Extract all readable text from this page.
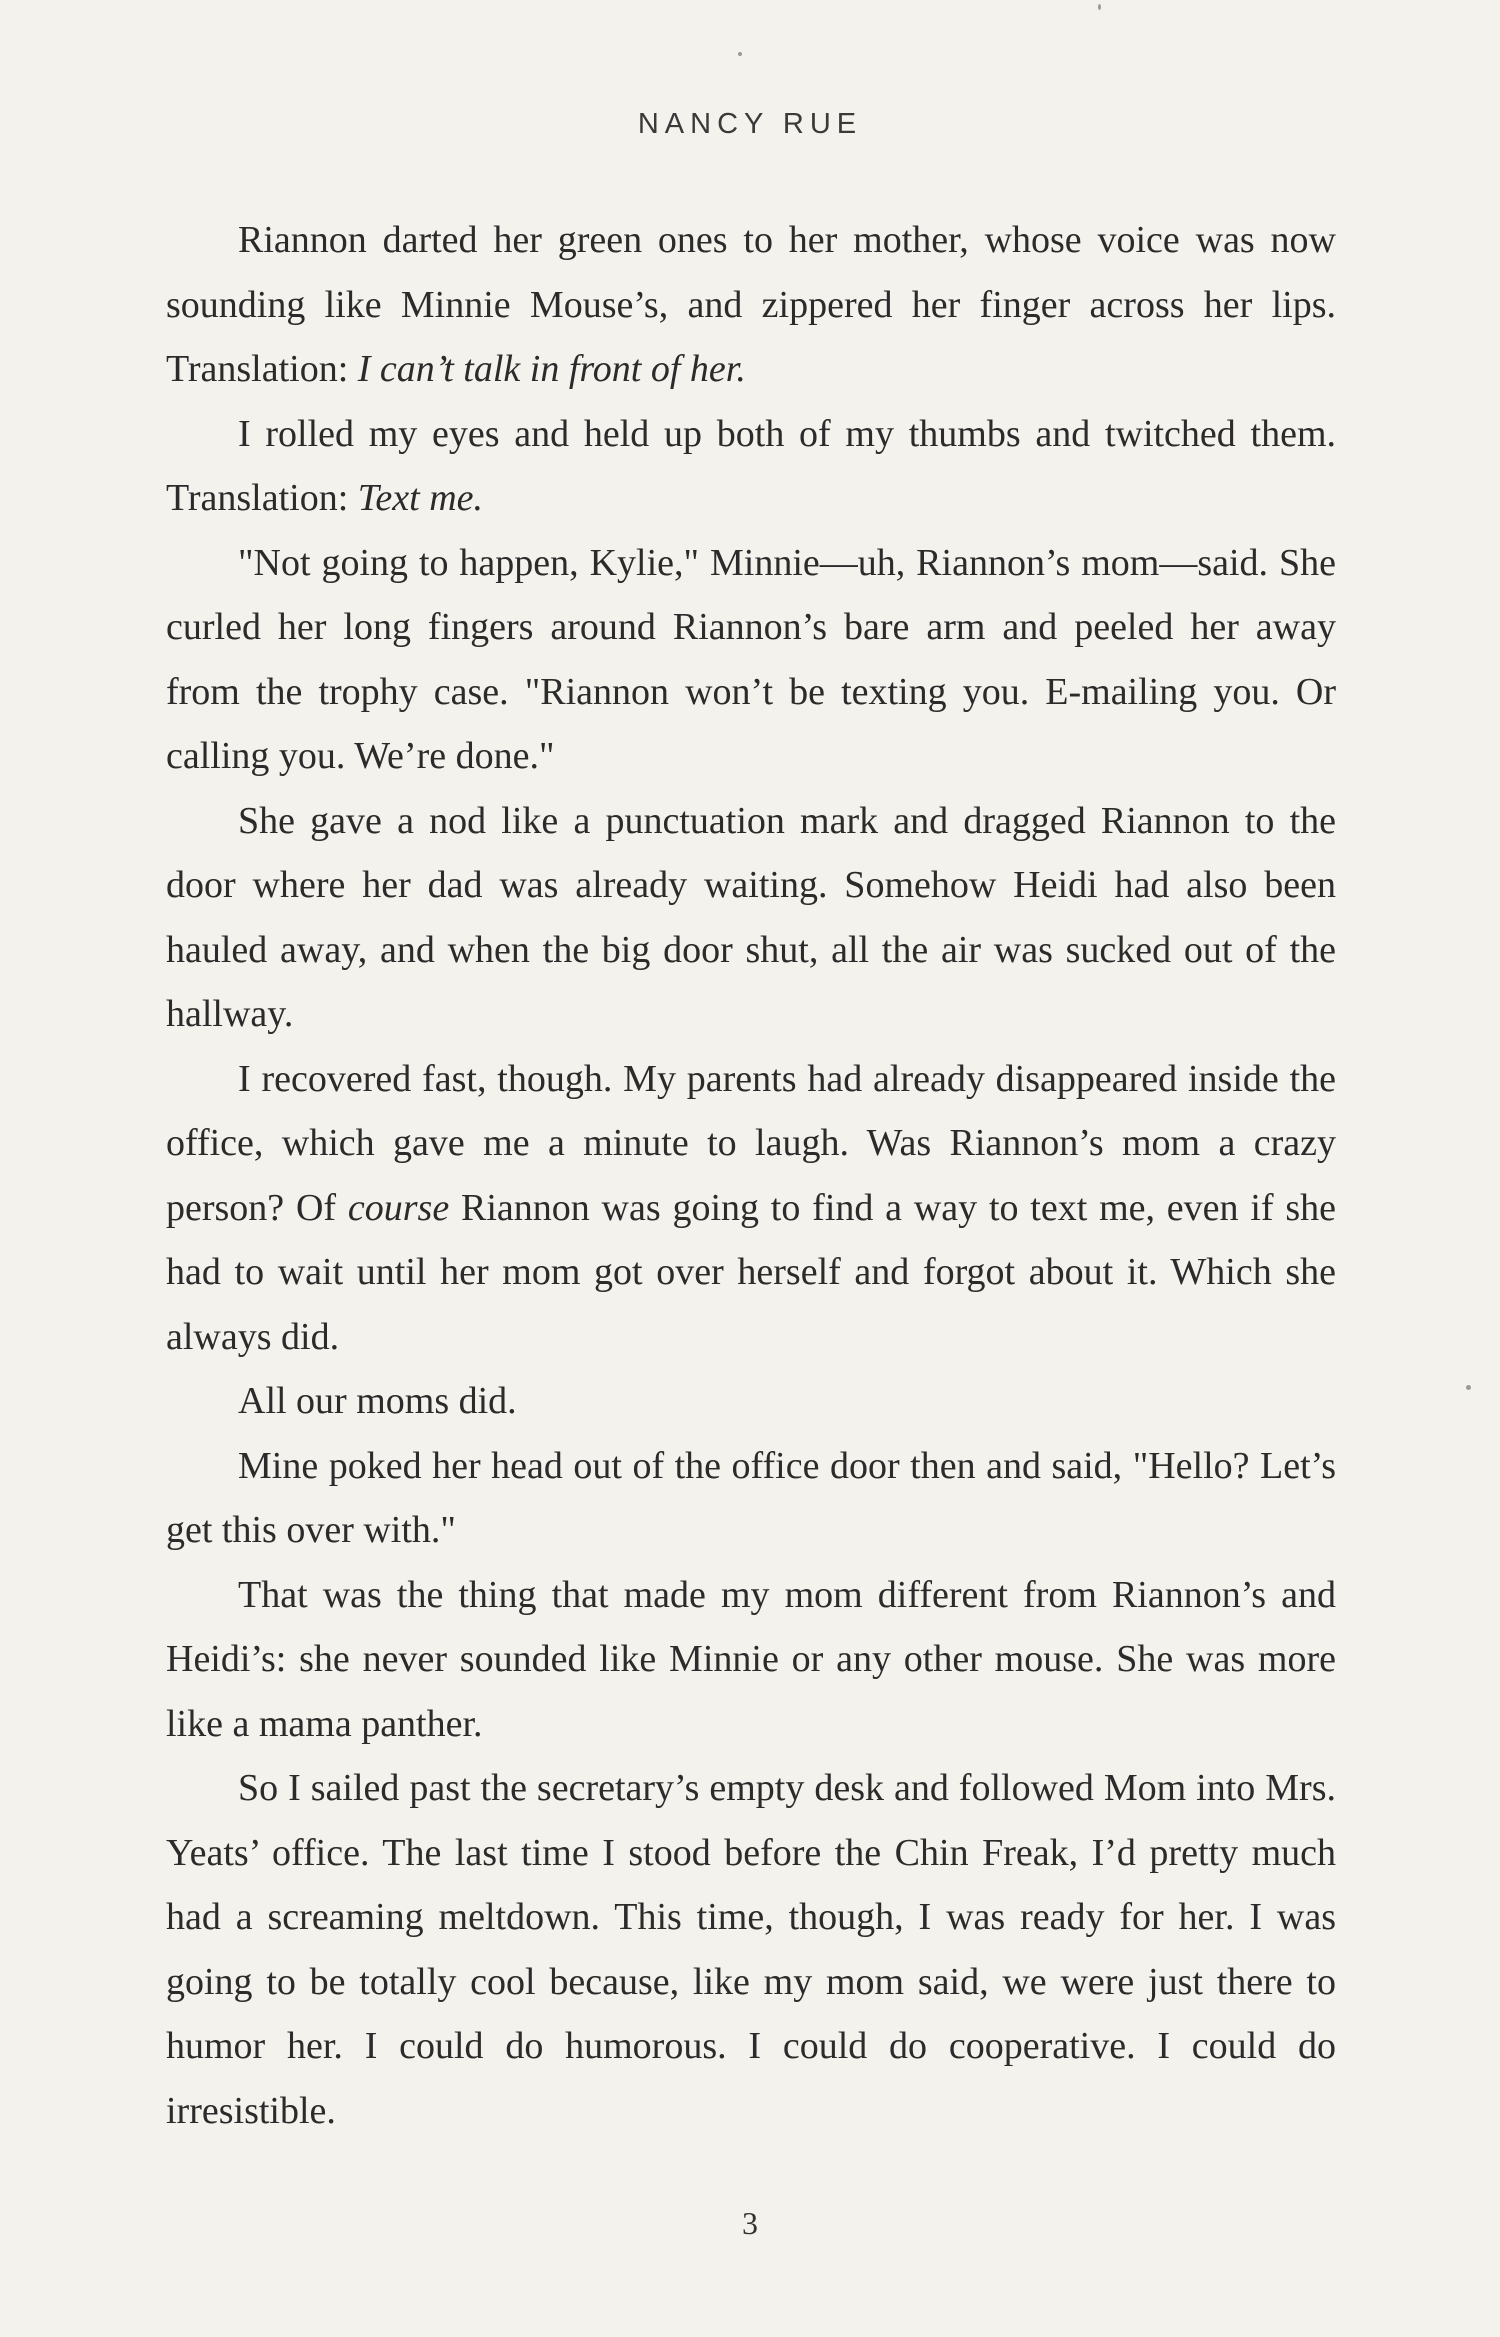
NANCY RUE

Riannon darted her green ones to her mother, whose voice was now sounding like Minnie Mouse’s, and zippered her finger across her lips. Translation: I can’t talk in front of her.

I rolled my eyes and held up both of my thumbs and twitched them. Translation: Text me.

"Not going to happen, Kylie," Minnie—uh, Riannon’s mom—said. She curled her long fingers around Riannon’s bare arm and peeled her away from the trophy case. "Riannon won’t be texting you. E-mailing you. Or calling you. We’re done."

She gave a nod like a punctuation mark and dragged Riannon to the door where her dad was already waiting. Somehow Heidi had also been hauled away, and when the big door shut, all the air was sucked out of the hallway.

I recovered fast, though. My parents had already disappeared inside the office, which gave me a minute to laugh. Was Riannon’s mom a crazy person? Of course Riannon was going to find a way to text me, even if she had to wait until her mom got over herself and forgot about it. Which she always did.

All our moms did.

Mine poked her head out of the office door then and said, "Hello? Let’s get this over with."

That was the thing that made my mom different from Riannon’s and Heidi’s: she never sounded like Minnie or any other mouse. She was more like a mama panther.

So I sailed past the secretary’s empty desk and followed Mom into Mrs. Yeats’ office. The last time I stood before the Chin Freak, I’d pretty much had a screaming meltdown. This time, though, I was ready for her. I was going to be totally cool because, like my mom said, we were just there to humor her. I could do humorous. I could do cooperative. I could do irresistible.

3
